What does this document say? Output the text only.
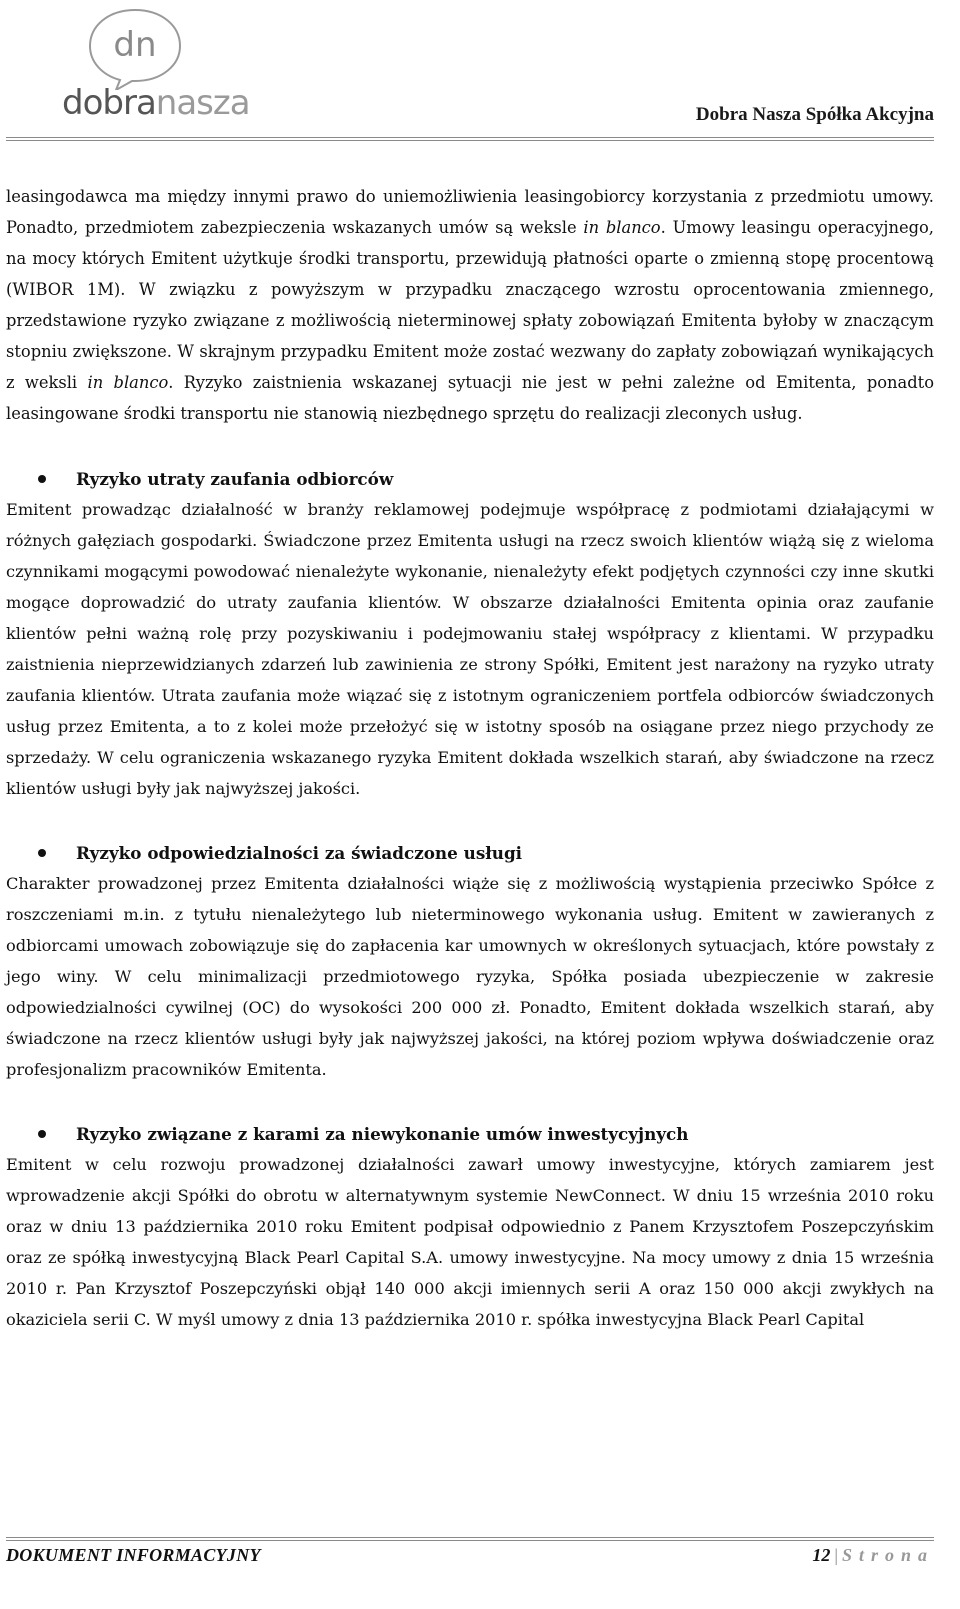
dn
dobranasza	Dobra Nasza Spółka Akcyjna

leasingodawca ma między innymi prawo do uniemożliwienia leasingobiorcy korzystania z przedmiotu umowy. Ponadto, przedmiotem zabezpieczenia wskazanych umów są weksle in blanco. Umowy leasingu operacyjnego, na mocy których Emitent użytkuje środki transportu, przewidują płatności oparte o zmienną stopę procentową (WIBOR 1M). W związku z powyższym w przypadku znaczącego wzrostu oprocentowania zmiennego, przedstawione ryzyko związane z możliwością nieterminowej spłaty zobowiązań Emitenta byłoby w znaczącym stopniu zwiększone. W skrajnym przypadku Emitent może zostać wezwany do zapłaty zobowiązań wynikających z weksli in blanco. Ryzyko zaistnienia wskazanej sytuacji nie jest w pełni zależne od Emitenta, ponadto leasingowane środki transportu nie stanowią niezbędnego sprzętu do realizacji zleconych usług.

Ryzyko utraty zaufania odbiorców

Emitent prowadząc działalność w branży reklamowej podejmuje współpracę z podmiotami działającymi w różnych gałęziach gospodarki. Świadczone przez Emitenta usługi na rzecz swoich klientów wiążą się z wieloma czynnikami mogącymi powodować nienależyte wykonanie, nienależyty efekt podjętych czynności czy inne skutki mogące doprowadzić do utraty zaufania klientów. W obszarze działalności Emitenta opinia oraz zaufanie klientów pełni ważną rolę przy pozyskiwaniu i podejmowaniu stałej współpracy z klientami. W przypadku zaistnienia nieprzewidzianych zdarzeń lub zawinienia ze strony Spółki, Emitent jest narażony na ryzyko utraty zaufania klientów. Utrata zaufania może wiązać się z istotnym ograniczeniem portfela odbiorców świadczonych usług przez Emitenta, a to z kolei może przełożyć się w istotny sposób na osiągane przez niego przychody ze sprzedaży. W celu ograniczenia wskazanego ryzyka Emitent dokłada wszelkich starań, aby świadczone na rzecz klientów usługi były jak najwyższej jakości.

Ryzyko odpowiedzialności za świadczone usługi

Charakter prowadzonej przez Emitenta działalności wiąże się z możliwością wystąpienia przeciwko Spółce z roszczeniami m.in. z tytułu nienależytego lub nieterminowego wykonania usług. Emitent w zawieranych z odbiorcami umowach zobowiązuje się do zapłacenia kar umownych w określonych sytuacjach, które powstały z jego winy. W celu minimalizacji przedmiotowego ryzyka, Spółka posiada ubezpieczenie w zakresie odpowiedzialności cywilnej (OC) do wysokości 200 000 zł. Ponadto, Emitent dokłada wszelkich starań, aby świadczone na rzecz klientów usługi były jak najwyższej jakości, na której poziom wpływa doświadczenie oraz profesjonalizm pracowników Emitenta.

Ryzyko związane z karami za niewykonanie umów inwestycyjnych

Emitent w celu rozwoju prowadzonej działalności zawarł umowy inwestycyjne, których zamiarem jest wprowadzenie akcji Spółki do obrotu w alternatywnym systemie NewConnect. W dniu 15 września 2010 roku oraz w dniu 13 października 2010 roku Emitent podpisał odpowiednio z Panem Krzysztofem Poszepczyńskim oraz ze spółką inwestycyjną Black Pearl Capital S.A. umowy inwestycyjne. Na mocy umowy z dnia 15 września 2010 r. Pan Krzysztof Poszepczyński objął 140 000 akcji imiennych serii A oraz 150 000 akcji zwykłych na okaziciela serii C. W myśl umowy z dnia 13 października 2010 r. spółka inwestycyjna Black Pearl Capital

DOKUMENT INFORMACYJNY	12 | Strona
